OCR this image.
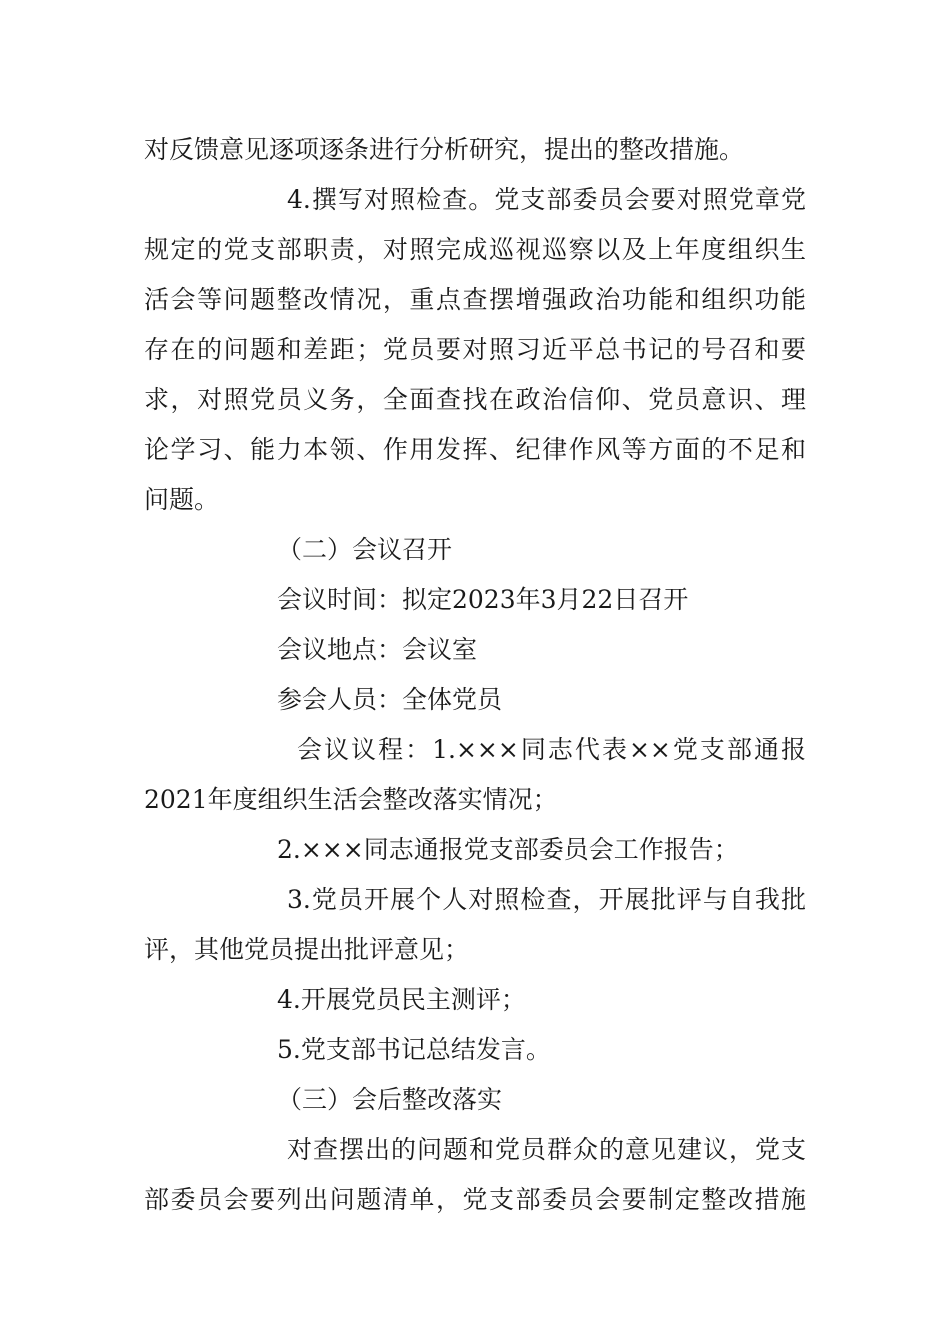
对反馈意见逐项逐条进行分析研究，提出的整改措施。
4.撰写对照检查。党支部委员会要对照党章党
规定的党支部职责，对照完成巡视巡察以及上年度组织生
活会等问题整改情况，重点查摆增强政治功能和组织功能
存在的问题和差距；党员要对照习近平总书记的号召和要
求，对照党员义务，全面查找在政治信仰、党员意识、理
论学习、能力本领、作用发挥、纪律作风等方面的不足和
问题。
（二）会议召开
会议时间：拟定2023年3月22日召开
会议地点：会议室
参会人员：全体党员
会议议程：1.×××同志代表××党支部通报
2021年度组织生活会整改落实情况；
2.×××同志通报党支部委员会工作报告；
3.党员开展个人对照检查，开展批评与自我批
评，其他党员提出批评意见；
4.开展党员民主测评；
5.党支部书记总结发言。
（三）会后整改落实
对查摆出的问题和党员群众的意见建议，党支
部委员会要列出问题清单，党支部委员会要制定整改措施
